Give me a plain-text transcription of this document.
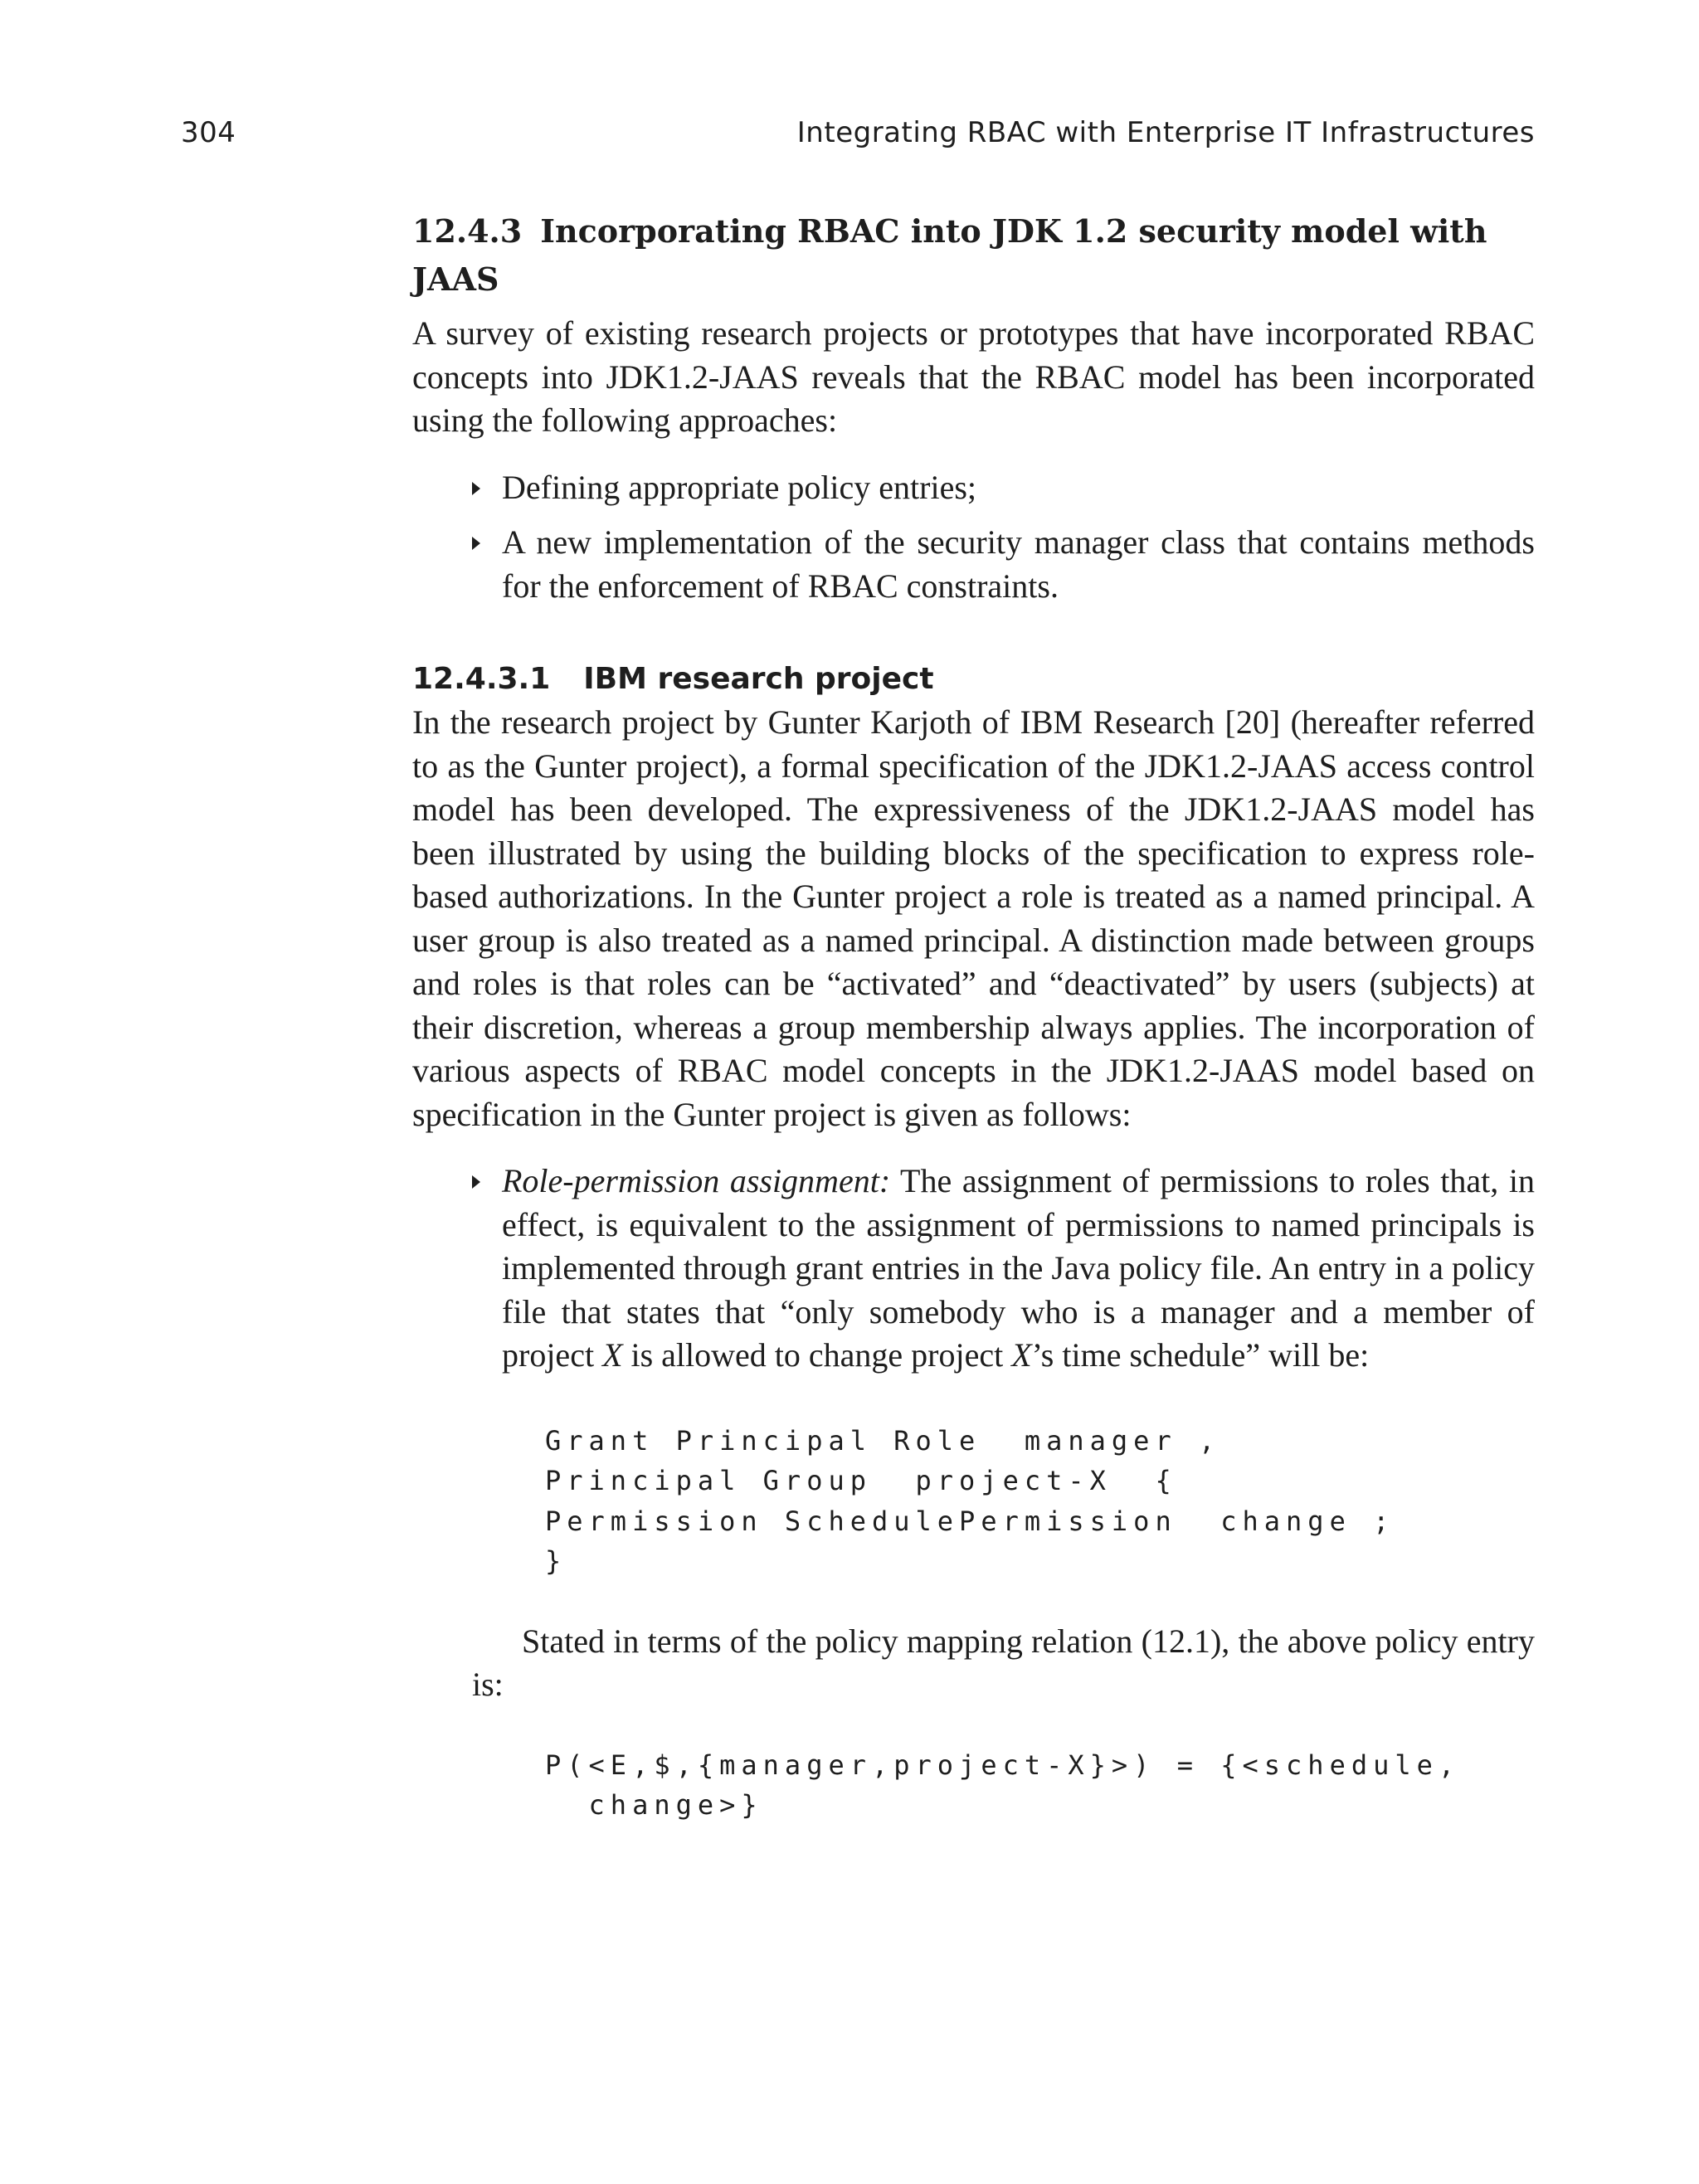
304	Integrating RBAC with Enterprise IT Infrastructures
12.4.3 Incorporating RBAC into JDK 1.2 security model with JAAS

A survey of existing research projects or prototypes that have incorporated RBAC concepts into JDK1.2-JAAS reveals that the RBAC model has been incorporated using the following approaches:

Defining appropriate policy entries;
A new implementation of the security manager class that contains methods for the enforcement of RBAC constraints.
12.4.3.1 IBM research project

In the research project by Gunter Karjoth of IBM Research [20] (hereafter referred to as the Gunter project), a formal specification of the JDK1.2-JAAS access control model has been developed. The expressiveness of the JDK1.2-JAAS model has been illustrated by using the building blocks of the specification to express role-based authorizations. In the Gunter project a role is treated as a named principal. A user group is also treated as a named principal. A distinction made between groups and roles is that roles can be “activated” and “deactivated” by users (subjects) at their discretion, whereas a group membership always applies. The incorporation of various aspects of RBAC model concepts in the JDK1.2-JAAS model based on specification in the Gunter project is given as follows:

Role-permission assignment: The assignment of permissions to roles that, in effect, is equivalent to the assignment of permissions to named principals is implemented through grant entries in the Java policy file. An entry in a policy file that states that “only somebody who is a manager and a member of project X is allowed to change project X’s time schedule” will be:
Grant Principal Role  manager ,
Principal Group  project-X  {
Permission SchedulePermission  change ;
}

Stated in terms of the policy mapping relation (12.1), the above policy entry is:

P(<E,$,{manager,project-X}>) = {<schedule,
change>}
